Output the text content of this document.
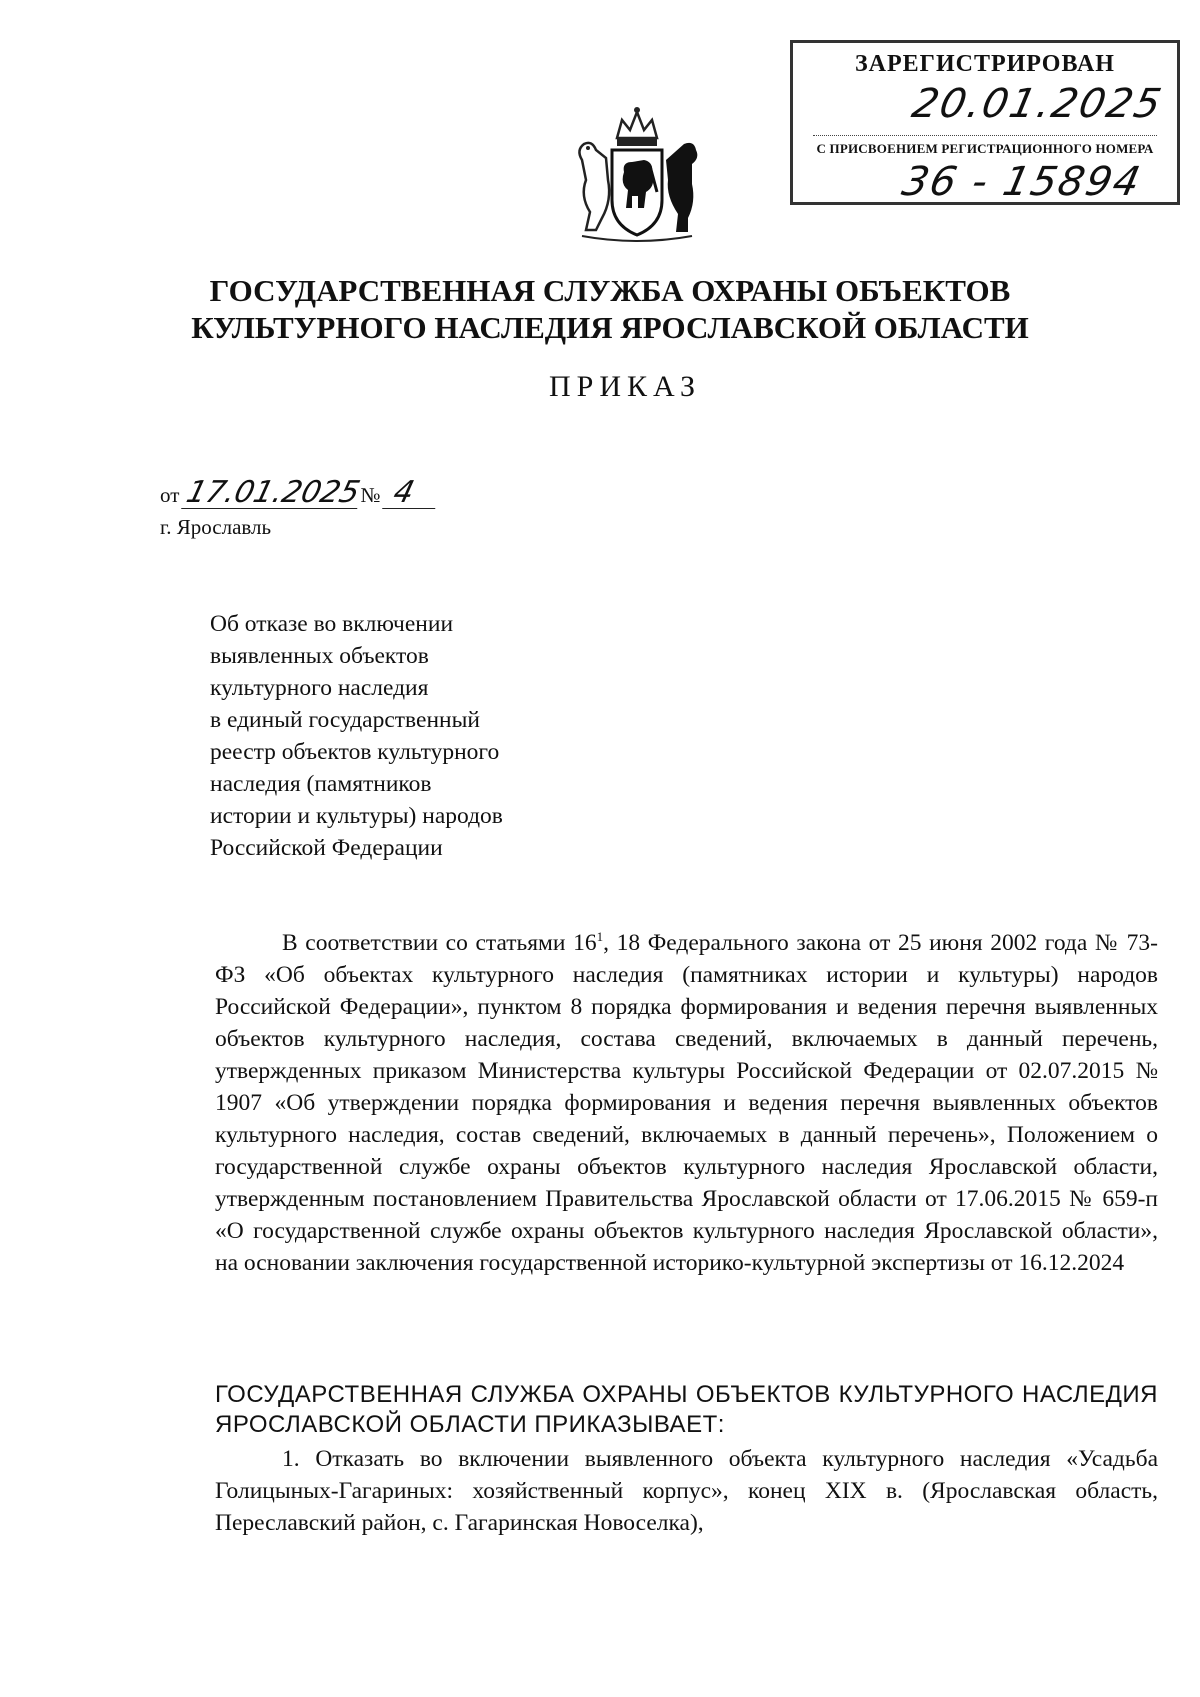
ЗАРЕГИСТРИРОВАН
20.01.2025
С ПРИСВОЕНИЕМ РЕГИСТРАЦИОННОГО НОМЕРА
36 - 15894
ГОСУДАРСТВЕННАЯ СЛУЖБА ОХРАНЫ ОБЪЕКТОВ
КУЛЬТУРНОГО НАСЛЕДИЯ ЯРОСЛАВСКОЙ ОБЛАСТИ
ПРИКАЗ
от 17.01.2025№ 4
г. Ярославль
Об отказе во включении
выявленных объектов
культурного наследия
в единый государственный
реестр объектов культурного
наследия (памятников
истории и культуры) народов
Российской Федерации
В соответствии со статьями $16^1$, 18 Федерального закона от 25 июня 2002 года № 73-ФЗ «Об объектах культурного наследия (памятниках истории и культуры) народов Российской Федерации», пунктом 8 порядка формирования и ведения перечня выявленных объектов культурного наследия, состава сведений, включаемых в данный перечень, утвержденных приказом Министерства культуры Российской Федерации от 02.07.2015 № 1907 «Об утверждении порядка формирования и ведения перечня выявленных объектов культурного наследия, состав сведений, включаемых в данный перечень», Положением о государственной службе охраны объектов культурного наследия Ярославской области, утвержденным постановлением Правительства Ярославской области от 17.06.2015 № 659-п «О государственной службе охраны объектов культурного наследия Ярославской области», на основании заключения государственной историко-культурной экспертизы от 16.12.2024
ГОСУДАРСТВЕННАЯ СЛУЖБА ОХРАНЫ ОБЪЕКТОВ КУЛЬТУРНОГО НАСЛЕДИЯ ЯРОСЛАВСКОЙ ОБЛАСТИ ПРИКАЗЫВАЕТ:
1. Отказать во включении выявленного объекта культурного наследия «Усадьба Голицыных-Гагариных: хозяйственный корпус», конец XIX в. (Ярославская область, Переславский район, с. Гагаринская Новоселка),
